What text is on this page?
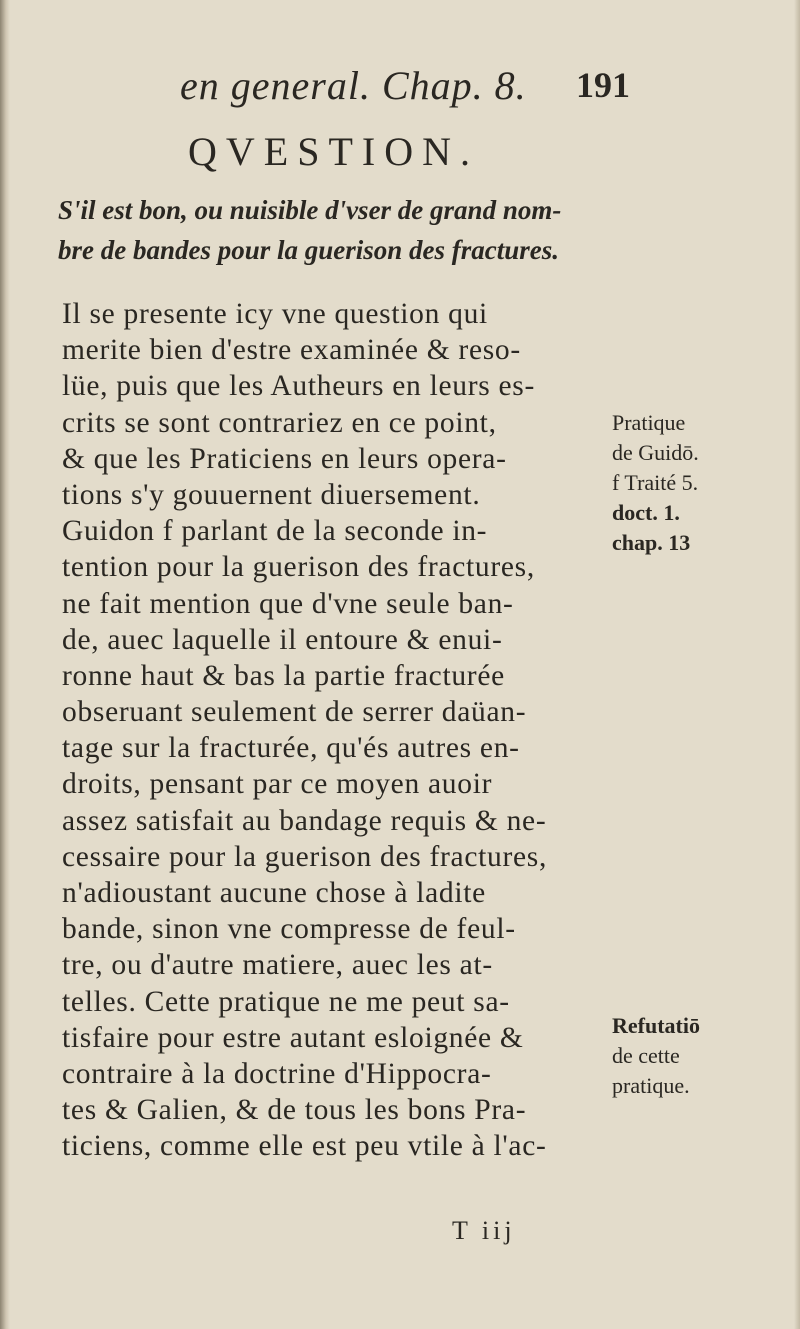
en general. Chap. 8. 191
QVESTION.
S'il est bon, ou nuisible d'vser de grand nom-
bre de bandes pour la guerison des fractures.
Il se presente icy vne question qui
merite bien d'estre examinée & reso-
lüe, puis que les Autheurs en leurs es-
crits se sont contrariez en ce point,
& que les Praticiens en leurs opera-
tions s'y gouuernent diuersement.
Guidon f parlant de la seconde in-
tention pour la guerison des fractures,
ne fait mention que d'vne seule ban-
de, auec laquelle il entoure & enui-
ronne haut & bas la partie fracturée
obseruant seulement de serrer daüan-
tage sur la fracturée, qu'és autres en-
droits, pensant par ce moyen auoir
assez satisfait au bandage requis & ne-
cessaire pour la guerison des fractures,
n'adioustant aucune chose à ladite
bande, sinon vne compresse de feul-
tre, ou d'autre matiere, auec les at-
telles. Cette pratique ne me peut sa-
tisfaire pour estre autant esloignée &
contraire à la doctrine d'Hippocra-
tes & Galien, & de tous les bons Pra-
ticiens, comme elle est peu vtile à l'ac-
Pratique
de Guidō.
f Traité 5.
doct. 1.
chap. 13
Refutatiō
de cette
pratique.
T iij
